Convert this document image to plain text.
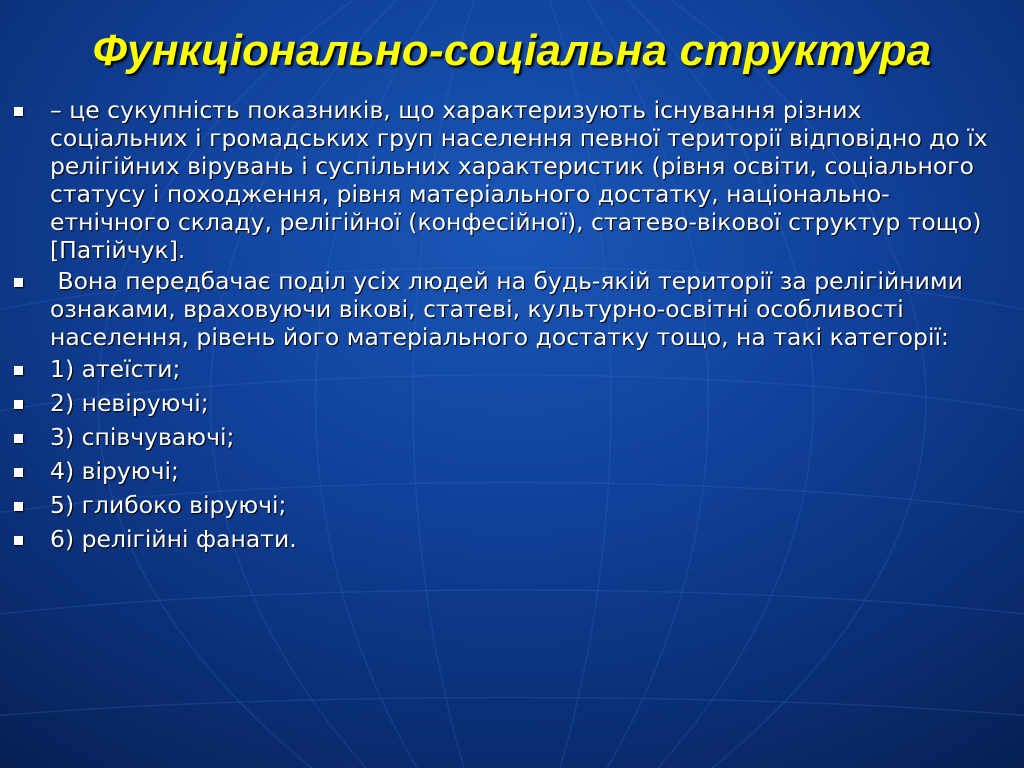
Функціонально-соціальна структура
– це сукупність показників, що характеризують існування різних соціальних і громадських груп населення певної території відповідно до їх релігійних вірувань і суспільних характеристик (рівня освіти, соціального статусу і походження, рівня матеріального достатку, національно-етнічного складу, релігійної (конфесійної), статево-вікової структур тощо) [Патійчук].
Вона передбачає поділ усіх людей на будь-якій території за релігійними ознаками, враховуючи вікові, статеві, культурно-освітні особливості населення, рівень його матеріального достатку тощо, на такі категорії:
1) атеїсти;
2) невіруючі;
3) співчуваючі;
4) віруючі;
5) глибоко віруючі;
6) релігійні фанати.
